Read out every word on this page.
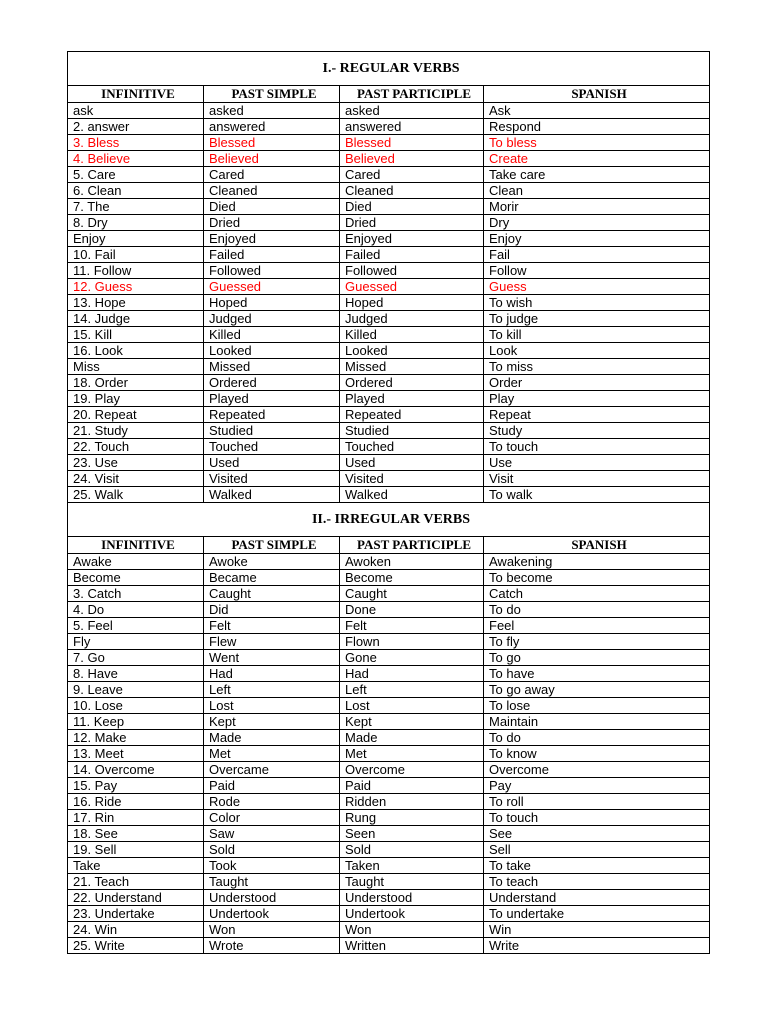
I.- REGULAR VERBS			
INFINITIVE	PAST SIMPLE	PAST PARTICIPLE	SPANISH
ask	asked	asked	Ask
2. answer	answered	answered	Respond
3. Bless	Blessed	Blessed	To bless
4. Believe	Believed	Believed	Create
5. Care	Cared	Cared	Take care
6. Clean	Cleaned	Cleaned	Clean
7. The	Died	Died	Morir
8. Dry	Dried	Dried	Dry
Enjoy	Enjoyed	Enjoyed	Enjoy
10. Fail	Failed	Failed	Fail
11. Follow	Followed	Followed	Follow
12. Guess	Guessed	Guessed	Guess
13. Hope	Hoped	Hoped	To wish
14. Judge	Judged	Judged	To judge
15. Kill	Killed	Killed	To kill
16. Look	Looked	Looked	Look
Miss	Missed	Missed	To miss
18. Order	Ordered	Ordered	Order
19. Play	Played	Played	Play
20. Repeat	Repeated	Repeated	Repeat
21. Study	Studied	Studied	Study
22. Touch	Touched	Touched	To touch
23. Use	Used	Used	Use
24. Visit	Visited	Visited	Visit
25. Walk	Walked	Walked	To walk
II.- IRREGULAR VERBS			
INFINITIVE	PAST SIMPLE	PAST PARTICIPLE	SPANISH
Awake	Awoke	Awoken	Awakening
Become	Became	Become	To become
3. Catch	Caught	Caught	Catch
4. Do	Did	Done	To do
5. Feel	Felt	Felt	Feel
Fly	Flew	Flown	To fly
7. Go	Went	Gone	To go
8. Have	Had	Had	To have
9. Leave	Left	Left	To go away
10. Lose	Lost	Lost	To lose
11. Keep	Kept	Kept	Maintain
12. Make	Made	Made	To do
13. Meet	Met	Met	To know
14. Overcome	Overcame	Overcome	Overcome
15. Pay	Paid	Paid	Pay
16. Ride	Rode	Ridden	To roll
17. Rin	Color	Rung	To touch
18. See	Saw	Seen	See
19. Sell	Sold	Sold	Sell
Take	Took	Taken	To take
21. Teach	Taught	Taught	To teach
22. Understand	Understood	Understood	Understand
23. Undertake	Undertook	Undertook	To undertake
24. Win	Won	Won	Win
25. Write	Wrote	Written	Write
